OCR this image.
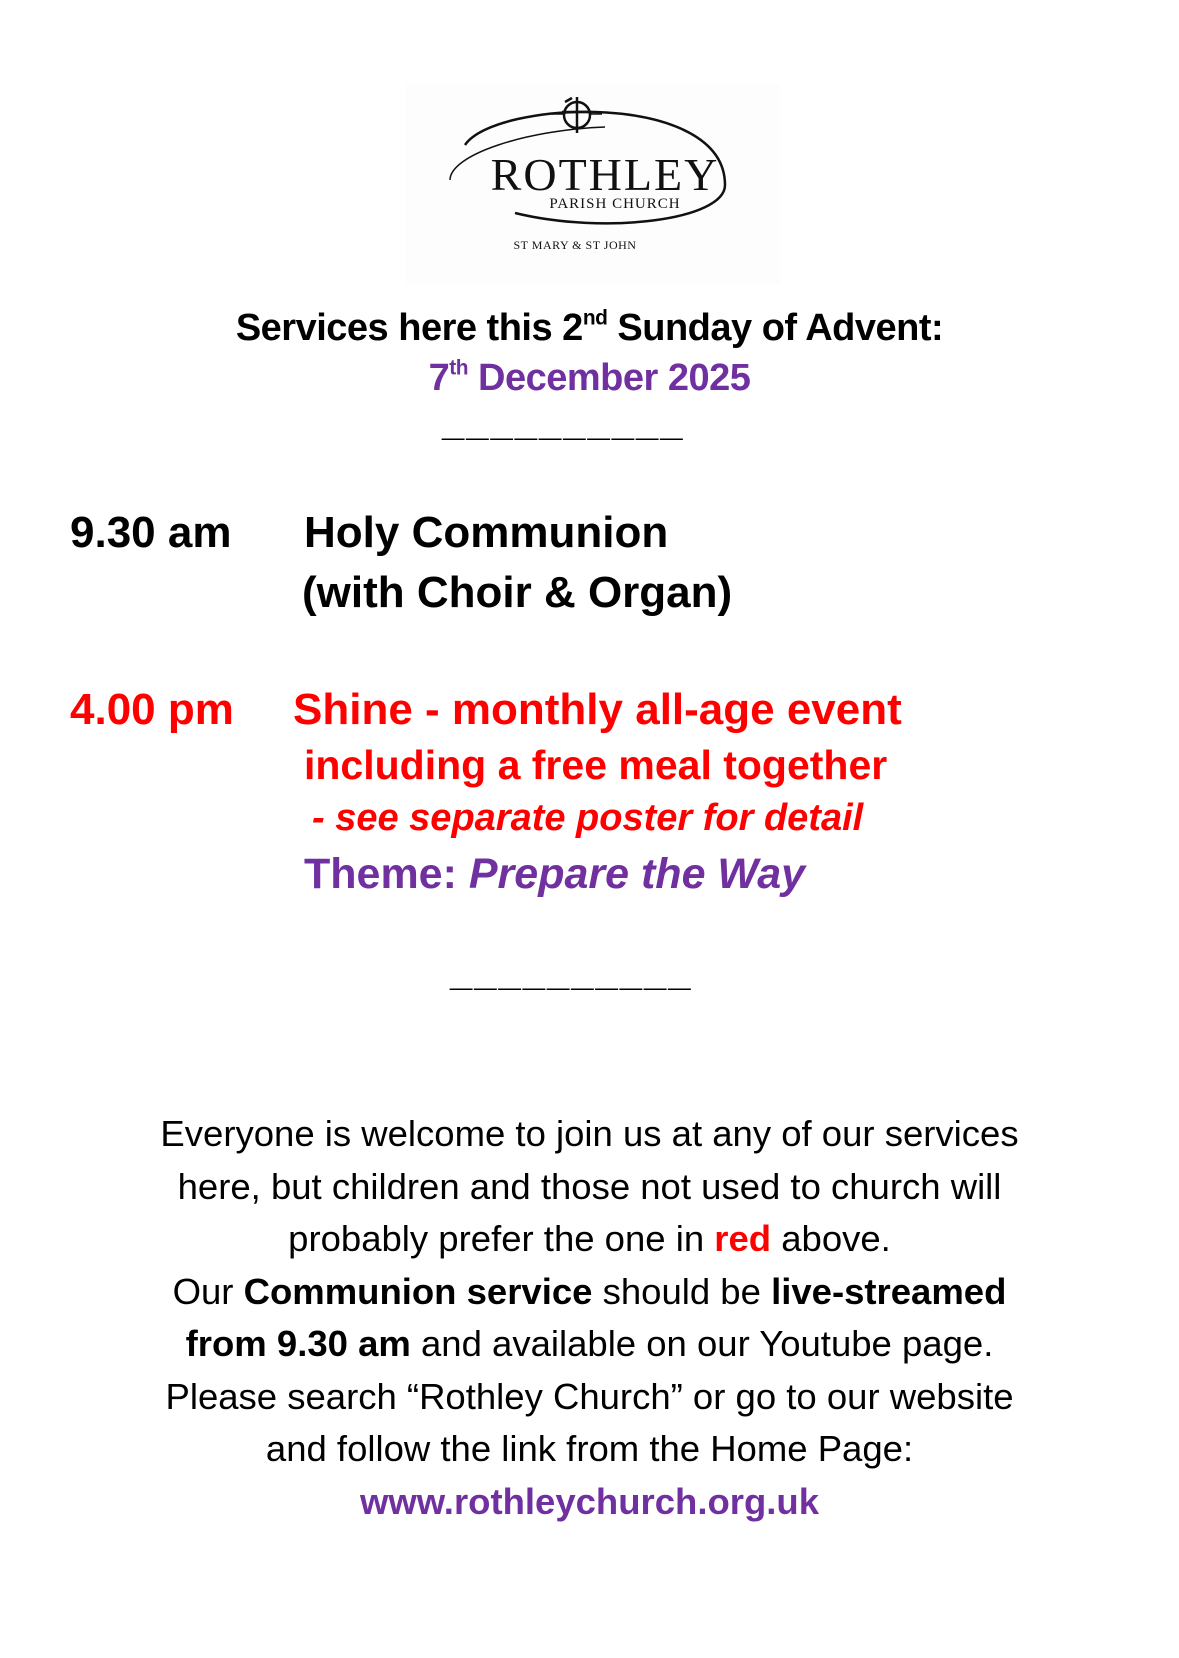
ROTHLEY
PARISH CHURCH
ST MARY & ST JOHN
Services here this 2nd Sunday of Advent:
7th December 2025
__________
9.30 am Holy Communion
(with Choir & Organ)
4.00 pm Shine - monthly all-age event
including a free meal together
- see separate poster for detail
Theme: Prepare the Way
__________

Everyone is welcome to join us at any of our services

here, but children and those not used to church will

probably prefer the one in red above.

Our Communion service should be live-streamed

from 9.30 am and available on our Youtube page.

Please search “Rothley Church” or go to our website

and follow the link from the Home Page:

www.rothleychurch.org.uk
